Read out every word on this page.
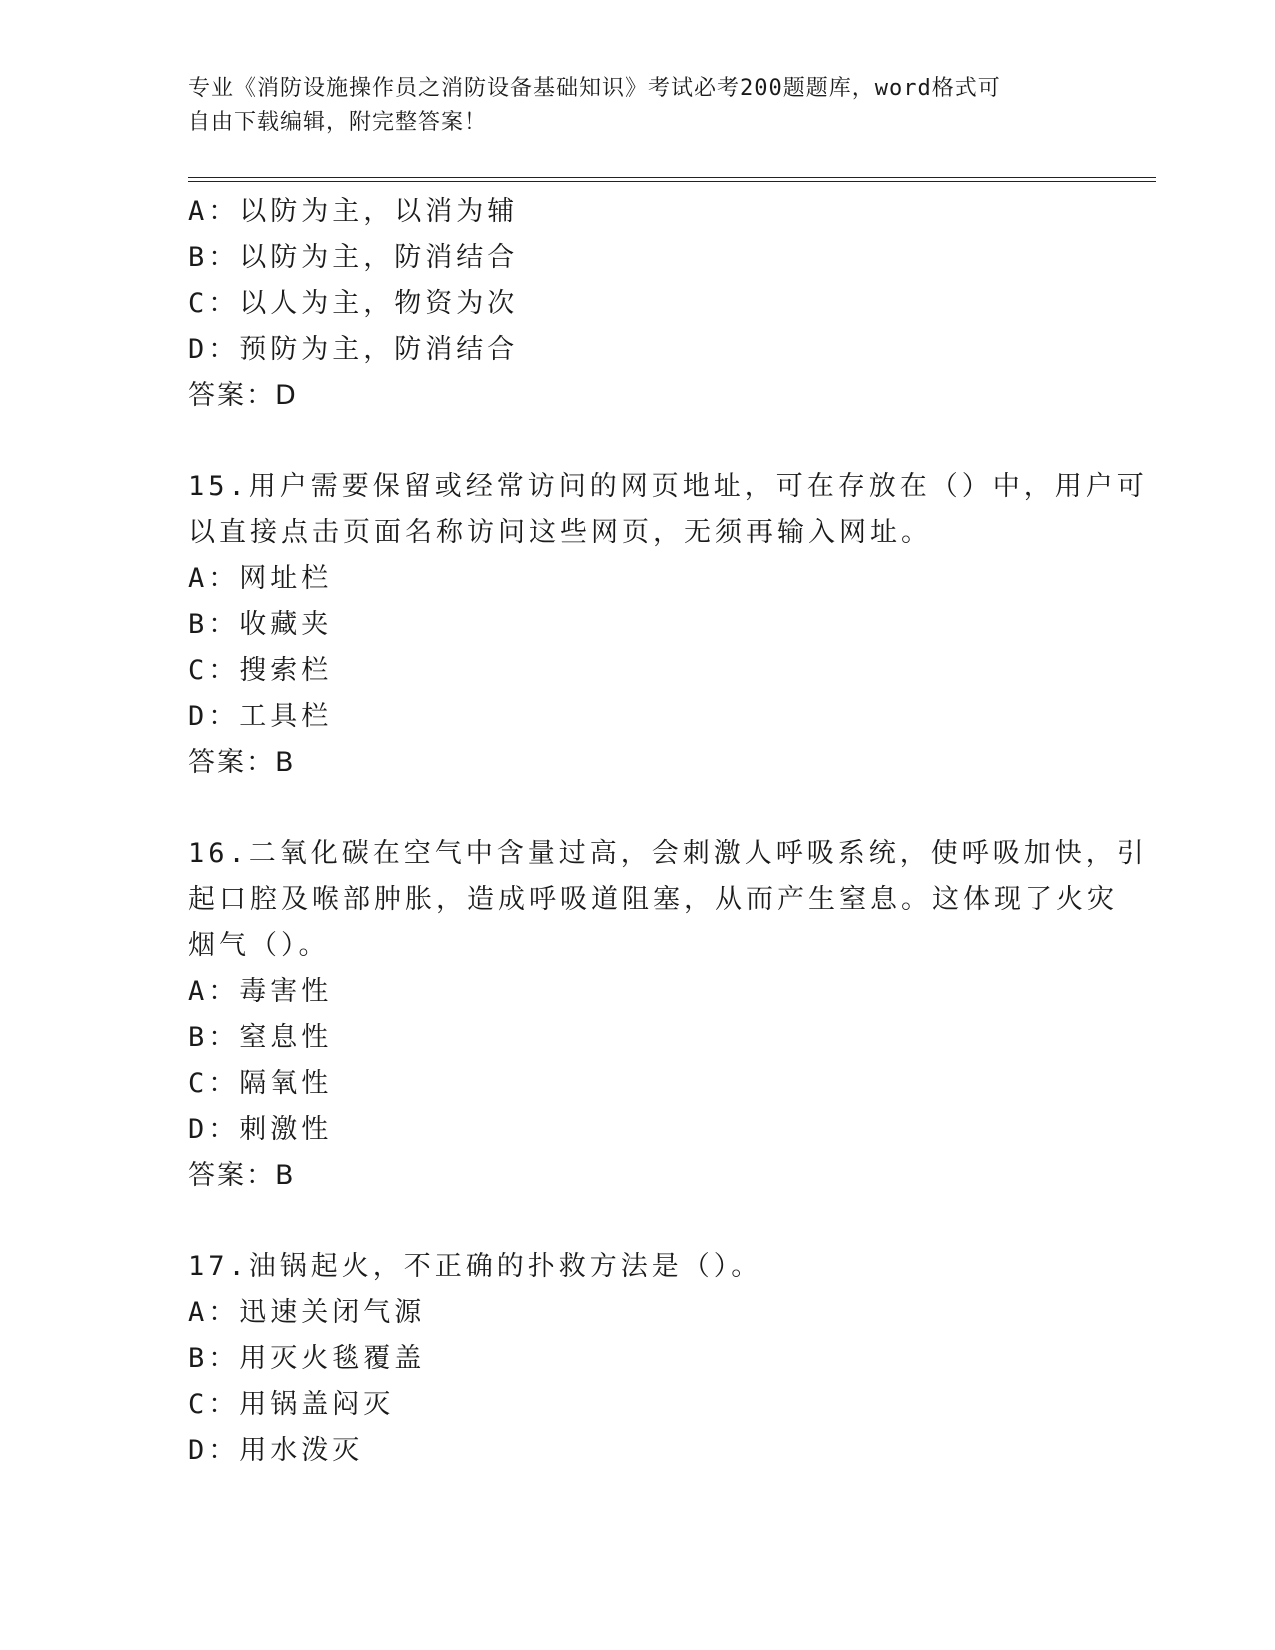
专业《消防设施操作员之消防设备基础知识》考试必考200题题库，word格式可
自由下载编辑，附完整答案！
A：以防为主，以消为辅
B：以防为主，防消结合
C：以人为主，物资为次
D：预防为主，防消结合
答案：D
15.用户需要保留或经常访问的网页地址，可在存放在（）中，用户可
以直接点击页面名称访问这些网页，无须再输入网址。
A：网址栏
B：收藏夹
C：搜索栏
D：工具栏
答案：B
16.二氧化碳在空气中含量过高，会刺激人呼吸系统，使呼吸加快，引
起口腔及喉部肿胀，造成呼吸道阻塞，从而产生窒息。这体现了火灾
烟气（）。
A：毒害性
B：窒息性
C：隔氧性
D：刺激性
答案：B
17.油锅起火，不正确的扑救方法是（）。
A：迅速关闭气源
B：用灭火毯覆盖
C：用锅盖闷灭
D：用水泼灭
